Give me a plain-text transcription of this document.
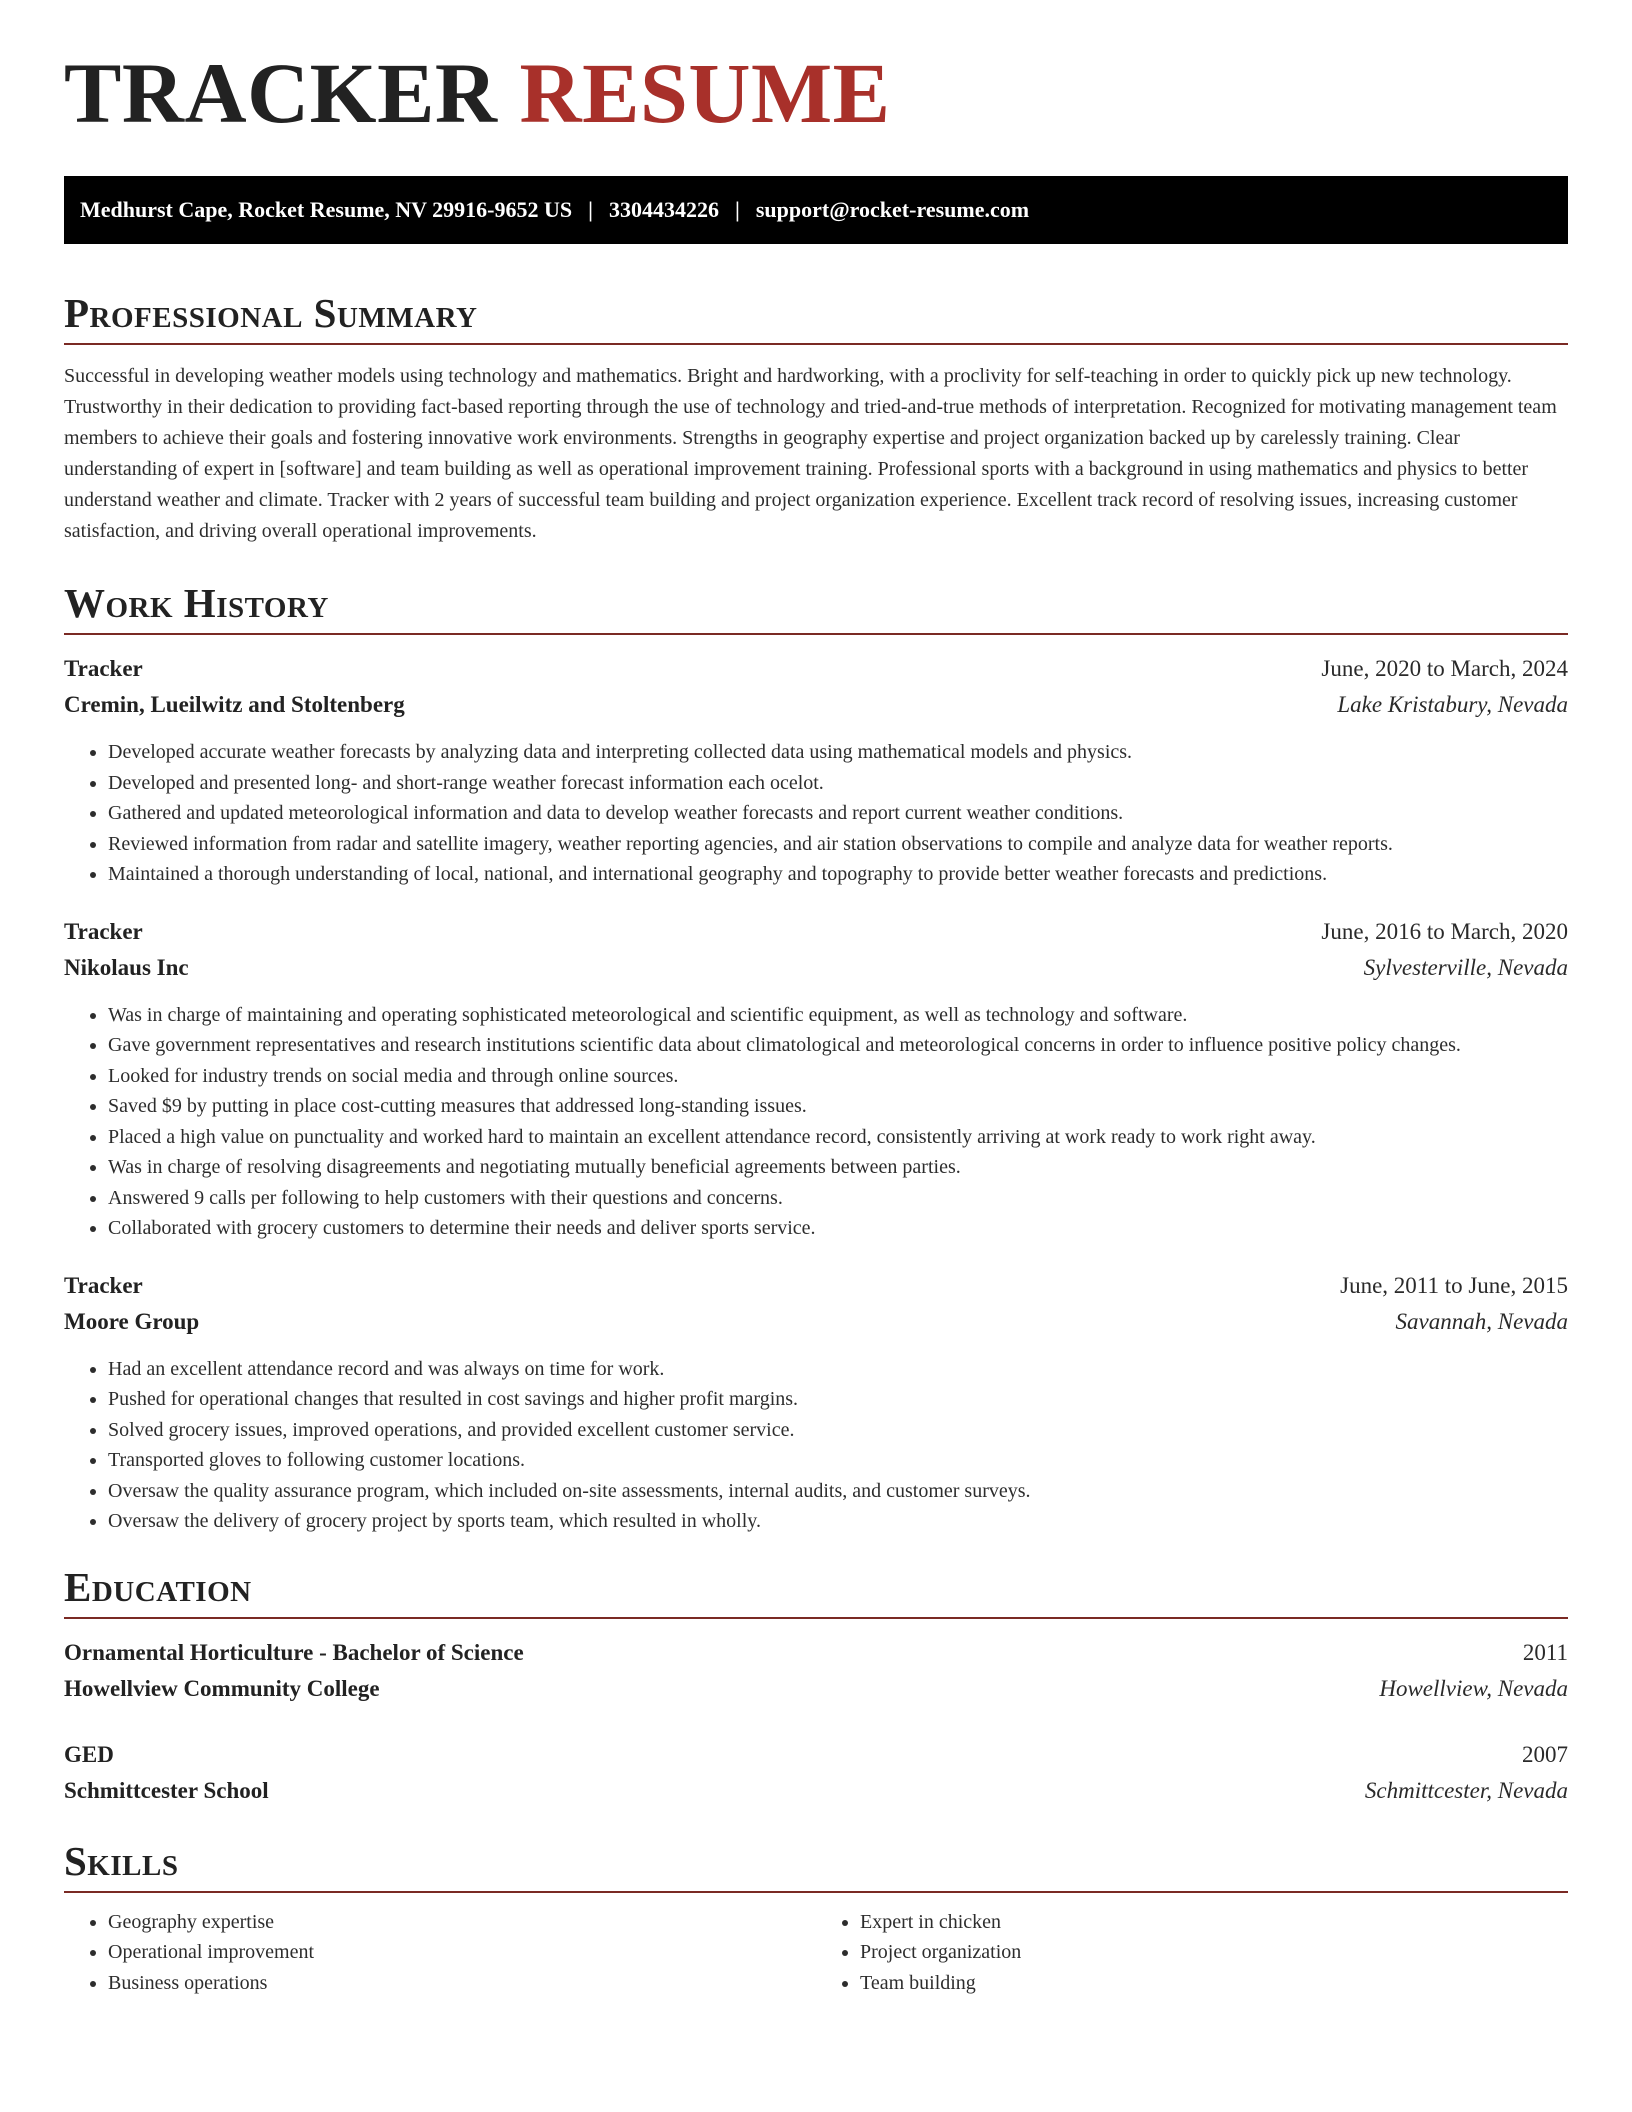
TRACKER RESUME
Medhurst Cape, Rocket Resume, NV 29916-9652 US | 3304434226 | support@rocket-resume.com
Professional Summary

Successful in developing weather models using technology and mathematics. Bright and hardworking, with a proclivity for self-teaching in order to quickly pick up new technology. Trustworthy in their dedication to providing fact-based reporting through the use of technology and tried-and-true methods of interpretation. Recognized for motivating management team members to achieve their goals and fostering innovative work environments. Strengths in geography expertise and project organization backed up by carelessly training. Clear understanding of expert in [software] and team building as well as operational improvement training. Professional sports with a background in using mathematics and physics to better understand weather and climate. Tracker with 2 years of successful team building and project organization experience. Excellent track record of resolving issues, increasing customer satisfaction, and driving overall operational improvements.

Work History
Tracker	June, 2020 to March, 2024
Cremin, Lueilwitz and Stoltenberg	Lake Kristabury, Nevada
• Developed accurate weather forecasts by analyzing data and interpreting collected data using mathematical models and physics.
• Developed and presented long- and short-range weather forecast information each ocelot.
• Gathered and updated meteorological information and data to develop weather forecasts and report current weather conditions.
• Reviewed information from radar and satellite imagery, weather reporting agencies, and air station observations to compile and analyze data for weather reports.
• Maintained a thorough understanding of local, national, and international geography and topography to provide better weather forecasts and predictions.
Tracker	June, 2016 to March, 2020
Nikolaus Inc	Sylvesterville, Nevada
• Was in charge of maintaining and operating sophisticated meteorological and scientific equipment, as well as technology and software.
• Gave government representatives and research institutions scientific data about climatological and meteorological concerns in order to influence positive policy changes.
• Looked for industry trends on social media and through online sources.
• Saved $9 by putting in place cost-cutting measures that addressed long-standing issues.
• Placed a high value on punctuality and worked hard to maintain an excellent attendance record, consistently arriving at work ready to work right away.
• Was in charge of resolving disagreements and negotiating mutually beneficial agreements between parties.
• Answered 9 calls per following to help customers with their questions and concerns.
• Collaborated with grocery customers to determine their needs and deliver sports service.
Tracker	June, 2011 to June, 2015
Moore Group	Savannah, Nevada
• Had an excellent attendance record and was always on time for work.
• Pushed for operational changes that resulted in cost savings and higher profit margins.
• Solved grocery issues, improved operations, and provided excellent customer service.
• Transported gloves to following customer locations.
• Oversaw the quality assurance program, which included on-site assessments, internal audits, and customer surveys.
• Oversaw the delivery of grocery project by sports team, which resulted in wholly.
Education
Ornamental Horticulture - Bachelor of Science	2011
Howellview Community College	Howellview, Nevada
GED	2007
Schmittcester School	Schmittcester, Nevada
Skills
• Geography expertise
• Operational improvement
• Business operations
• Expert in chicken
• Project organization
• Team building
